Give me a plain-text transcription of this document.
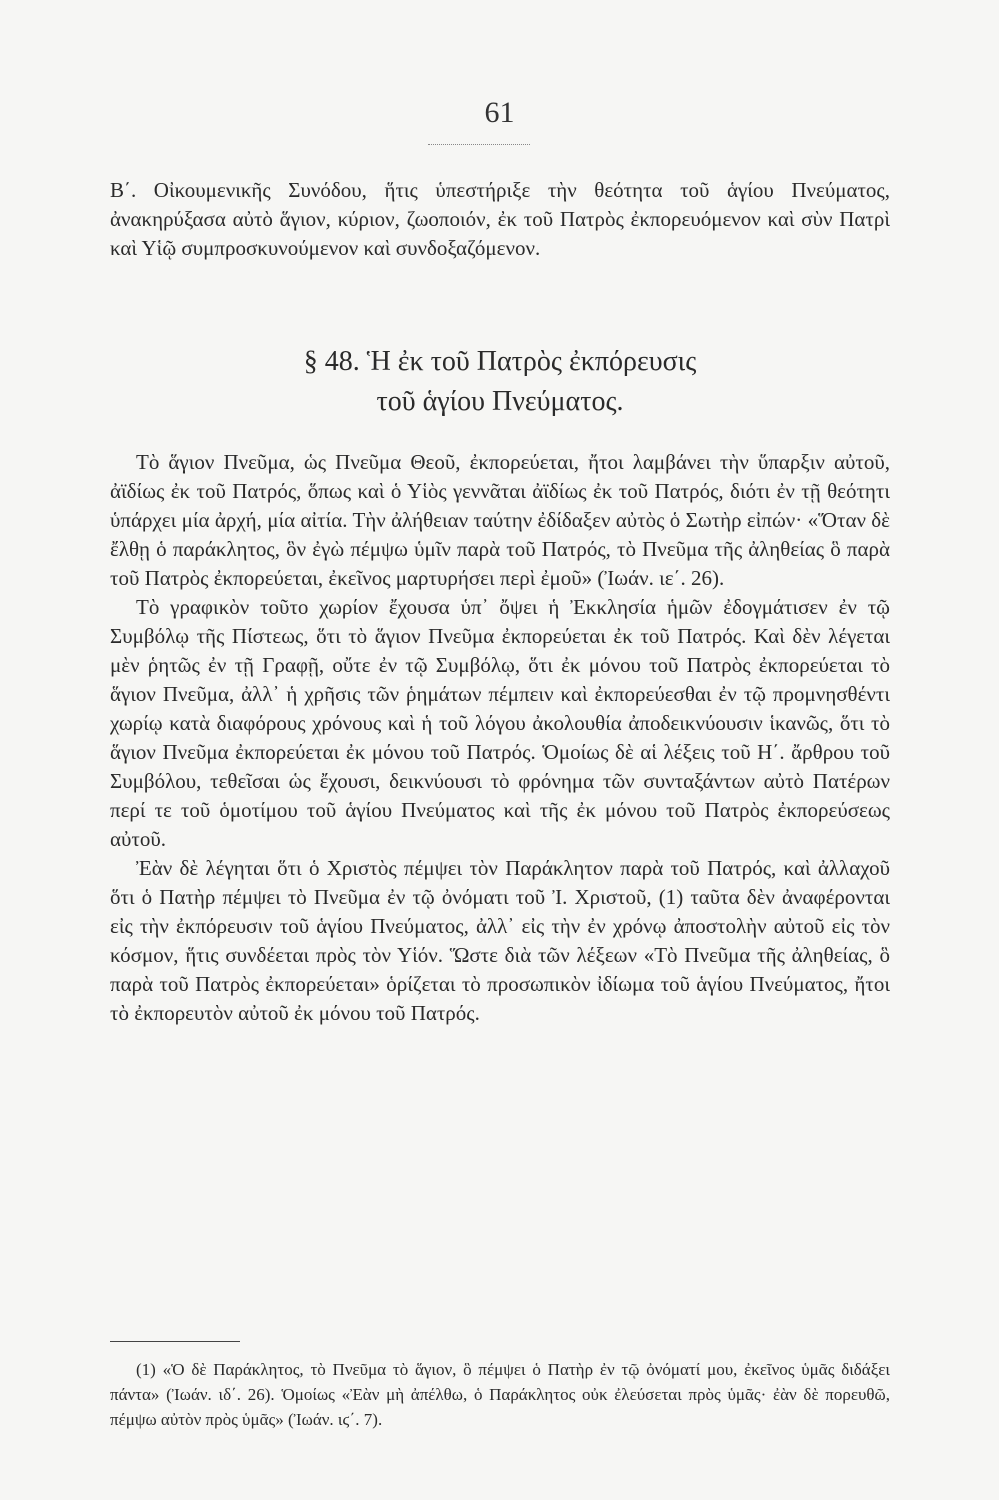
61

Β΄. Οἰκουμενικῆς Συνόδου, ἥτις ὑπεστήριξε τὴν θεότητα τοῦ ἁγίου Πνεύματος, ἀνακηρύξασα αὐτὸ ἅγιον, κύριον, ζωοποιόν, ἐκ τοῦ Πατρὸς ἐκπορευόμενον καὶ σὺν Πατρὶ καὶ Υἱῷ συμπροσκυνούμενον καὶ συνδοξαζόμενον.

§ 48. Ἡ ἐκ τοῦ Πατρὸς ἐκπόρευσις
τοῦ ἁγίου Πνεύματος.

Τὸ ἅγιον Πνεῦμα, ὡς Πνεῦμα Θεοῦ, ἐκπορεύεται, ἤτοι λαμβάνει τὴν ὕπαρξιν αὐτοῦ, ἀϊδίως ἐκ τοῦ Πατρός, ὅπως καὶ ὁ Υἱὸς γεννᾶται ἀϊδίως ἐκ τοῦ Πατρός, διότι ἐν τῇ θεότητι ὑπάρχει μία ἀρχή, μία αἰτία. Τὴν ἀλήθειαν ταύτην ἐδίδαξεν αὐτὸς ὁ Σωτὴρ εἰπών· «Ὅταν δὲ ἔλθῃ ὁ παράκλητος, ὃν ἐγὼ πέμψω ὑμῖν παρὰ τοῦ Πατρός, τὸ Πνεῦμα τῆς ἀληθείας ὃ παρὰ τοῦ Πατρὸς ἐκπορεύεται, ἐκεῖνος μαρτυρήσει περὶ ἐμοῦ» (Ἰωάν. ιε΄. 26).

Τὸ γραφικὸν τοῦτο χωρίον ἔχουσα ὑπ᾿ ὄψει ἡ Ἐκκλησία ἡμῶν ἐδογμάτισεν ἐν τῷ Συμβόλῳ τῆς Πίστεως, ὅτι τὸ ἅγιον Πνεῦμα ἐκπορεύεται ἐκ τοῦ Πατρός. Καὶ δὲν λέγεται μὲν ῥητῶς ἐν τῇ Γραφῇ, οὔτε ἐν τῷ Συμβόλῳ, ὅτι ἐκ μόνου τοῦ Πατρὸς ἐκπορεύεται τὸ ἅγιον Πνεῦμα, ἀλλ᾿ ἡ χρῆσις τῶν ῥημάτων πέμπειν καὶ ἐκπορεύεσθαι ἐν τῷ προμνησθέντι χωρίῳ κατὰ διαφόρους χρόνους καὶ ἡ τοῦ λόγου ἀκολουθία ἀποδεικνύουσιν ἱκανῶς, ὅτι τὸ ἅγιον Πνεῦμα ἐκπορεύεται ἐκ μόνου τοῦ Πατρός. Ὁμοίως δὲ αἱ λέξεις τοῦ Η΄. ἄρθρου τοῦ Συμβόλου, τεθεῖσαι ὡς ἔχουσι, δεικνύουσι τὸ φρόνημα τῶν συνταξάντων αὐτὸ Πατέρων περί τε τοῦ ὁμοτίμου τοῦ ἁγίου Πνεύματος καὶ τῆς ἐκ μόνου τοῦ Πατρὸς ἐκπορεύσεως αὐτοῦ.

Ἐὰν δὲ λέγηται ὅτι ὁ Χριστὸς πέμψει τὸν Παράκλητον παρὰ τοῦ Πατρός, καὶ ἀλλαχοῦ ὅτι ὁ Πατὴρ πέμψει τὸ Πνεῦμα ἐν τῷ ὀνόματι τοῦ Ἰ. Χριστοῦ, (1) ταῦτα δὲν ἀναφέρονται εἰς τὴν ἐκπόρευσιν τοῦ ἁγίου Πνεύματος, ἀλλ᾿ εἰς τὴν ἐν χρόνῳ ἀποστολὴν αὐτοῦ εἰς τὸν κόσμον, ἥτις συνδέεται πρὸς τὸν Υἱόν. Ὥστε διὰ τῶν λέξεων «Τὸ Πνεῦμα τῆς ἀληθείας, ὃ παρὰ τοῦ Πατρὸς ἐκπορεύεται» ὁρίζεται τὸ προσωπικὸν ἰδίωμα τοῦ ἁγίου Πνεύματος, ἤτοι τὸ ἐκπορευτὸν αὐτοῦ ἐκ μόνου τοῦ Πατρός.

(1) «Ὁ δὲ Παράκλητος, τὸ Πνεῦμα τὸ ἅγιον, ὃ πέμψει ὁ Πατὴρ ἐν τῷ ὀνόματί μου, ἐκεῖνος ὑμᾶς διδάξει πάντα» (Ἰωάν. ιδ΄. 26). Ὁμοίως «Ἐὰν μὴ ἀπέλθω, ὁ Παράκλητος οὐκ ἐλεύσεται πρὸς ὑμᾶς· ἐὰν δὲ πορευθῶ, πέμψω αὐτὸν πρὸς ὑμᾶς» (Ἰωάν. ιϛ΄. 7).
